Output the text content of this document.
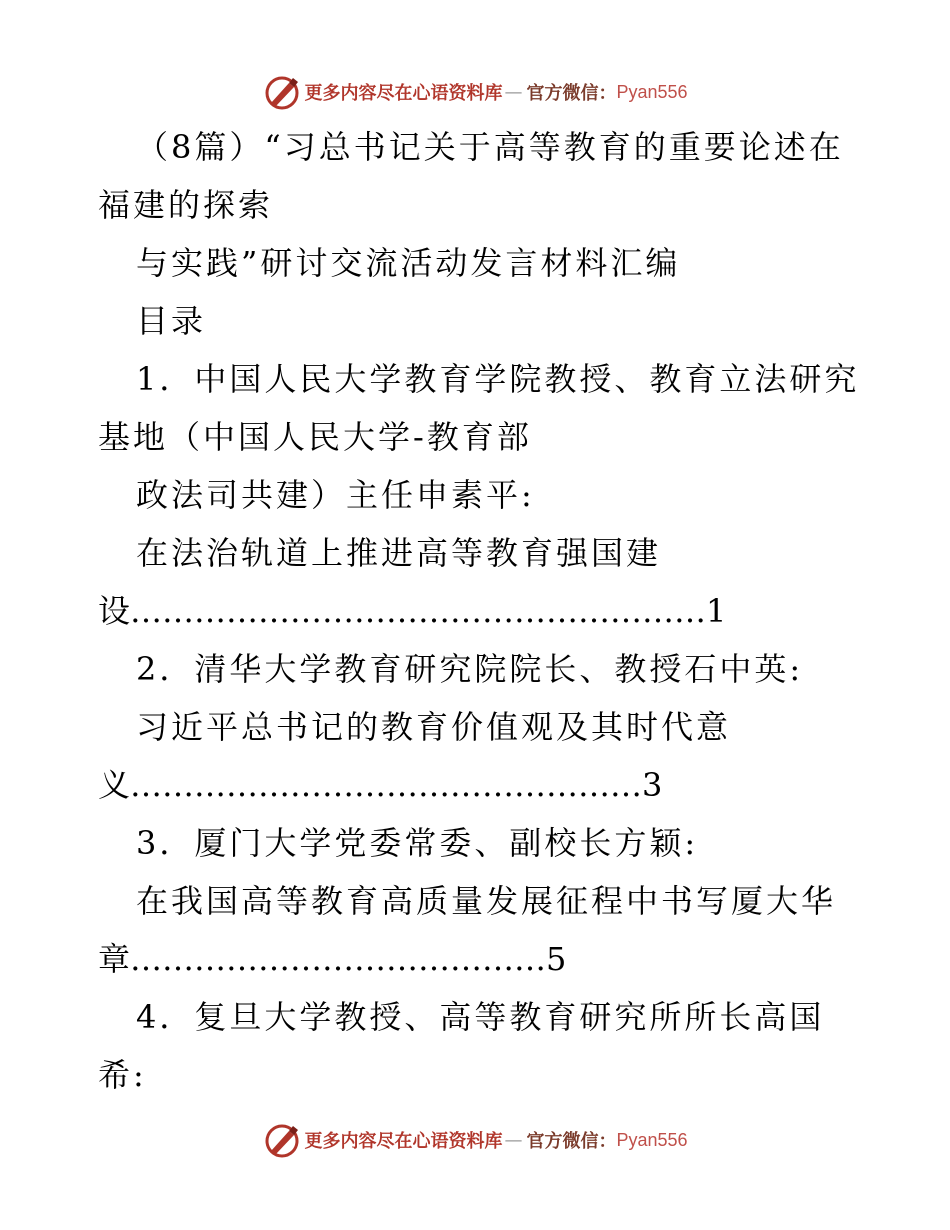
更多内容尽在心语资料库 — 官方微信： Pyan556
（8篇）“习总书记关于高等教育的重要论述在
福建的探索
与实践”研讨交流活动发言材料汇编
目录
1．中国人民大学教育学院教授、教育立法研究
基地（中国人民大学-教育部
政法司共建）主任申素平:
在法治轨道上推进高等教育强国建
设………………………………………………1
2．清华大学教育研究院院长、教授石中英:
习近平总书记的教育价值观及其时代意
义…………………………………………3
3．厦门大学党委常委、副校长方颖:
在我国高等教育高质量发展征程中书写厦大华
章…………………………………5
4．复旦大学教授、高等教育研究所所长高国
希:
更多内容尽在心语资料库 — 官方微信： Pyan556
